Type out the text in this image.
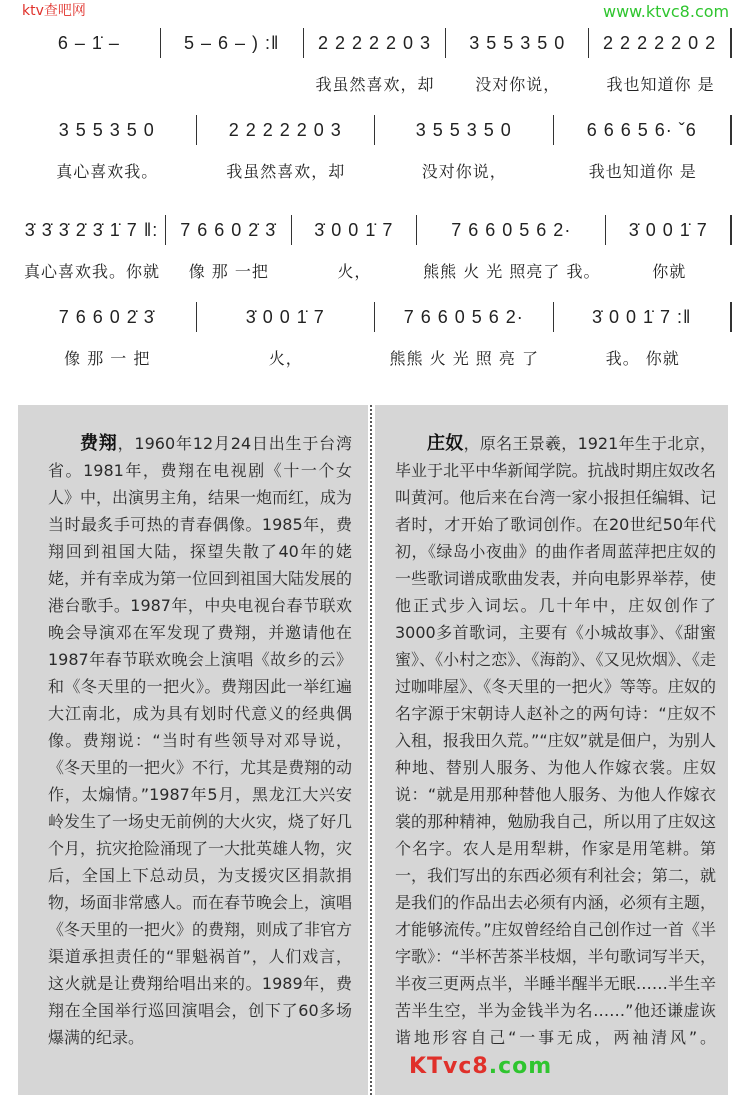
ktv查吧网	www.ktvc8.com
6 – 1̇ –	5 – 6 – ) :‖	2 2 2 2 2 0 3	3 5 5 3 5 0	2 2 2 2 2 0 2
我虽然喜欢，却	没对你说，	我也知道你 是
3 5 5 3 5 0	2 2 2 2 2 0 3	3 5 5 3 5 0	6 6 6 5 6· ˇ6
真心喜欢我。	我虽然喜欢，却	没对你说，	我也知道你 是
3̇ 3̇ 3̇ 2̇ 3̇ 1̇ 7 ‖:	7 6 6 0 2̇ 3̇	3̇ 0 0 1̇ 7	7 6 6 0 5 6 2·	3̇ 0 0 1̇ 7
真心喜欢我。你就	像 那 一把	火，	熊熊 火 光 照亮了 我。	你就
7 6 6 0 2̇ 3̇	3̇ 0 0 1̇ 7	7 6 6 0 5 6 2·	3̇ 0 0 1̇ 7 :‖
像 那 一 把	火，	熊熊 火 光 照 亮 了	我。 你就
费翔，1960年12月24日出生于台湾省。1981年，费翔在电视剧《十一个女人》中，出演男主角，结果一炮而红，成为当时最炙手可热的青春偶像。1985年，费翔回到祖国大陆，探望失散了40年的姥姥，并有幸成为第一位回到祖国大陆发展的港台歌手。1987年，中央电视台春节联欢晚会导演邓在军发现了费翔，并邀请他在1987年春节联欢晚会上演唱《故乡的云》和《冬天里的一把火》。费翔因此一举红遍大江南北，成为具有划时代意义的经典偶像。费翔说：“当时有些领导对邓导说，《冬天里的一把火》不行，尤其是费翔的动作，太煽情。”1987年5月，黑龙江大兴安岭发生了一场史无前例的大火灾，烧了好几个月，抗灾抢险涌现了一大批英雄人物，灾后，全国上下总动员，为支援灾区捐款捐物，场面非常感人。而在春节晚会上，演唱《冬天里的一把火》的费翔，则成了非官方渠道承担责任的“罪魁祸首”，人们戏言，这火就是让费翔给唱出来的。1989年，费翔在全国举行巡回演唱会，创下了60多场爆满的纪录。
庄奴，原名王景羲，1921年生于北京，毕业于北平中华新闻学院。抗战时期庄奴改名叫黄河。他后来在台湾一家小报担任编辑、记者时，才开始了歌词创作。在20世纪50年代初，《绿岛小夜曲》的曲作者周蓝萍把庄奴的一些歌词谱成歌曲发表，并向电影界举荐，使他正式步入词坛。几十年中，庄奴创作了3000多首歌词，主要有《小城故事》、《甜蜜蜜》、《小村之恋》、《海韵》、《又见炊烟》、《走过咖啡屋》、《冬天里的一把火》等等。庄奴的名字源于宋朝诗人赵补之的两句诗：“庄奴不入租，报我田久荒。”“庄奴”就是佃户，为别人种地、替别人服务、为他人作嫁衣裳。庄奴说：“就是用那种替他人服务、为他人作嫁衣裳的那种精神，勉励我自己，所以用了庄奴这个名字。农人是用犁耕，作家是用笔耕。第一，我们写出的东西必须有利社会；第二，就是我们的作品出去必须有内涵，必须有主题，才能够流传。”庄奴曾经给自己创作过一首《半字歌》：“半杯苦茶半枝烟，半句歌词写半天，半夜三更两点半，半睡半醒半无眠……半生辛苦半生空，半为金钱半为名……”他还谦虚诙谐地形容自己“一事无成，两袖清风”。KTvc8.com
